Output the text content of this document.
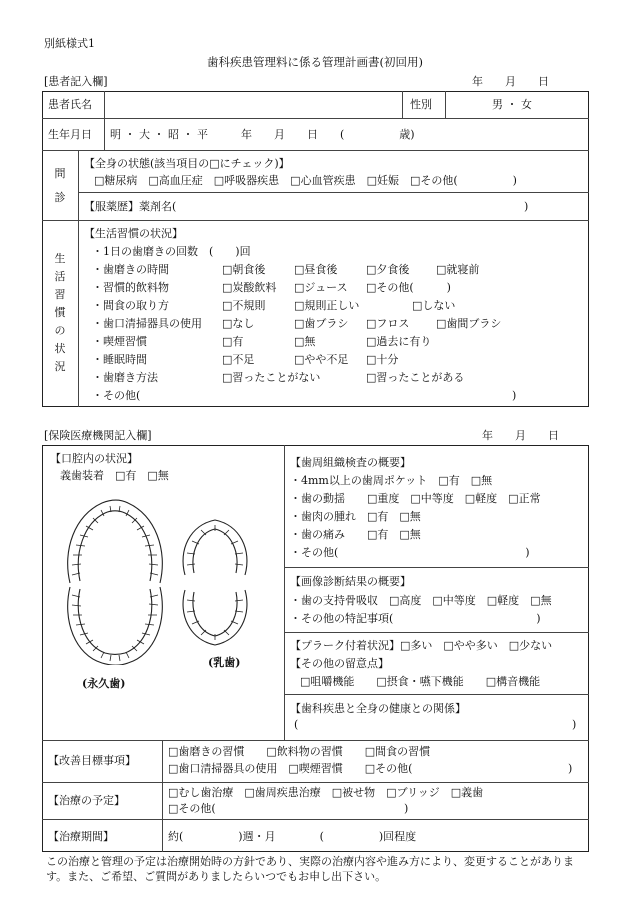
別紙様式1
歯科疾患管理料に係る管理計画書(初回用)
[患者記入欄]	年　　月　　日
患者氏名	性別	男 ・ 女
生年月日 明 ・ 大 ・ 昭 ・ 平　　　年　　月　　日　　(　　　　　歳)
問診
【全身の状態(該当項目の□にチェック)】
□糖尿病　□高血圧症　□呼吸器疾患　□心血管疾患　□妊娠　□その他(　　　　　)
【服薬歴】薬剤名(	)
生活習慣の状況
【生活習慣の状況】
・1日の歯磨きの回数　(　　)回
・歯磨きの時間	□朝食後	□昼食後	□夕食後 □就寝前
・習慣的飲料物	□炭酸飲料 □ジュース □その他(　　　)
・間食の取り方	□不規則	□規則正しい	□しない
・歯口清掃器具の使用 □なし	□歯ブラシ □フロス □歯間ブラシ
・喫煙習慣	□有	□無	□過去に有り
・睡眠時間	□不足	□やや不足 □十分
・歯磨き方法	□習ったことがない	□習ったことがある
・その他(	)
[保険医療機関記入欄]	年　　月　　日
【口腔内の状況】
義歯装着　□有　□無
(永久歯)
(乳歯)
【歯周組織検査の概要】
・4mm以上の歯周ポケット　□有　□無
・歯の動揺　　□重度　□中等度　□軽度　□正常
・歯肉の腫れ　□有　□無
・歯の痛み　　□有　□無
・その他(　　　　　　　　　　　　　　　　　)
【画像診断結果の概要】
・歯の支持骨吸収　□高度　□中等度　□軽度　□無
・その他の特記事項(　　　　　　　　　　　　　)
【プラーク付着状況】□多い　□やや多い　□少ない
【その他の留意点】
□咀嚼機能　　□摂食・嚥下機能　　□構音機能
【歯科疾患と全身の健康との関係】
(	)
【改善目標事項】
□歯磨きの習慣　　□飲料物の習慣　　□間食の習慣
□歯口清掃器具の使用　□喫煙習慣　　□その他(	)
【治療の予定】
□むし歯治療　□歯周疾患治療　□被せ物　□ブリッジ　□義歯
□その他(	)
【治療期間】	約(　　　　　)週・月　　　　(　　　　　)回程度
この治療と管理の予定は治療開始時の方針であり、実際の治療内容や進み方により、変更することがあります。また、ご希望、ご質問がありましたらいつでもお申し出下さい。
